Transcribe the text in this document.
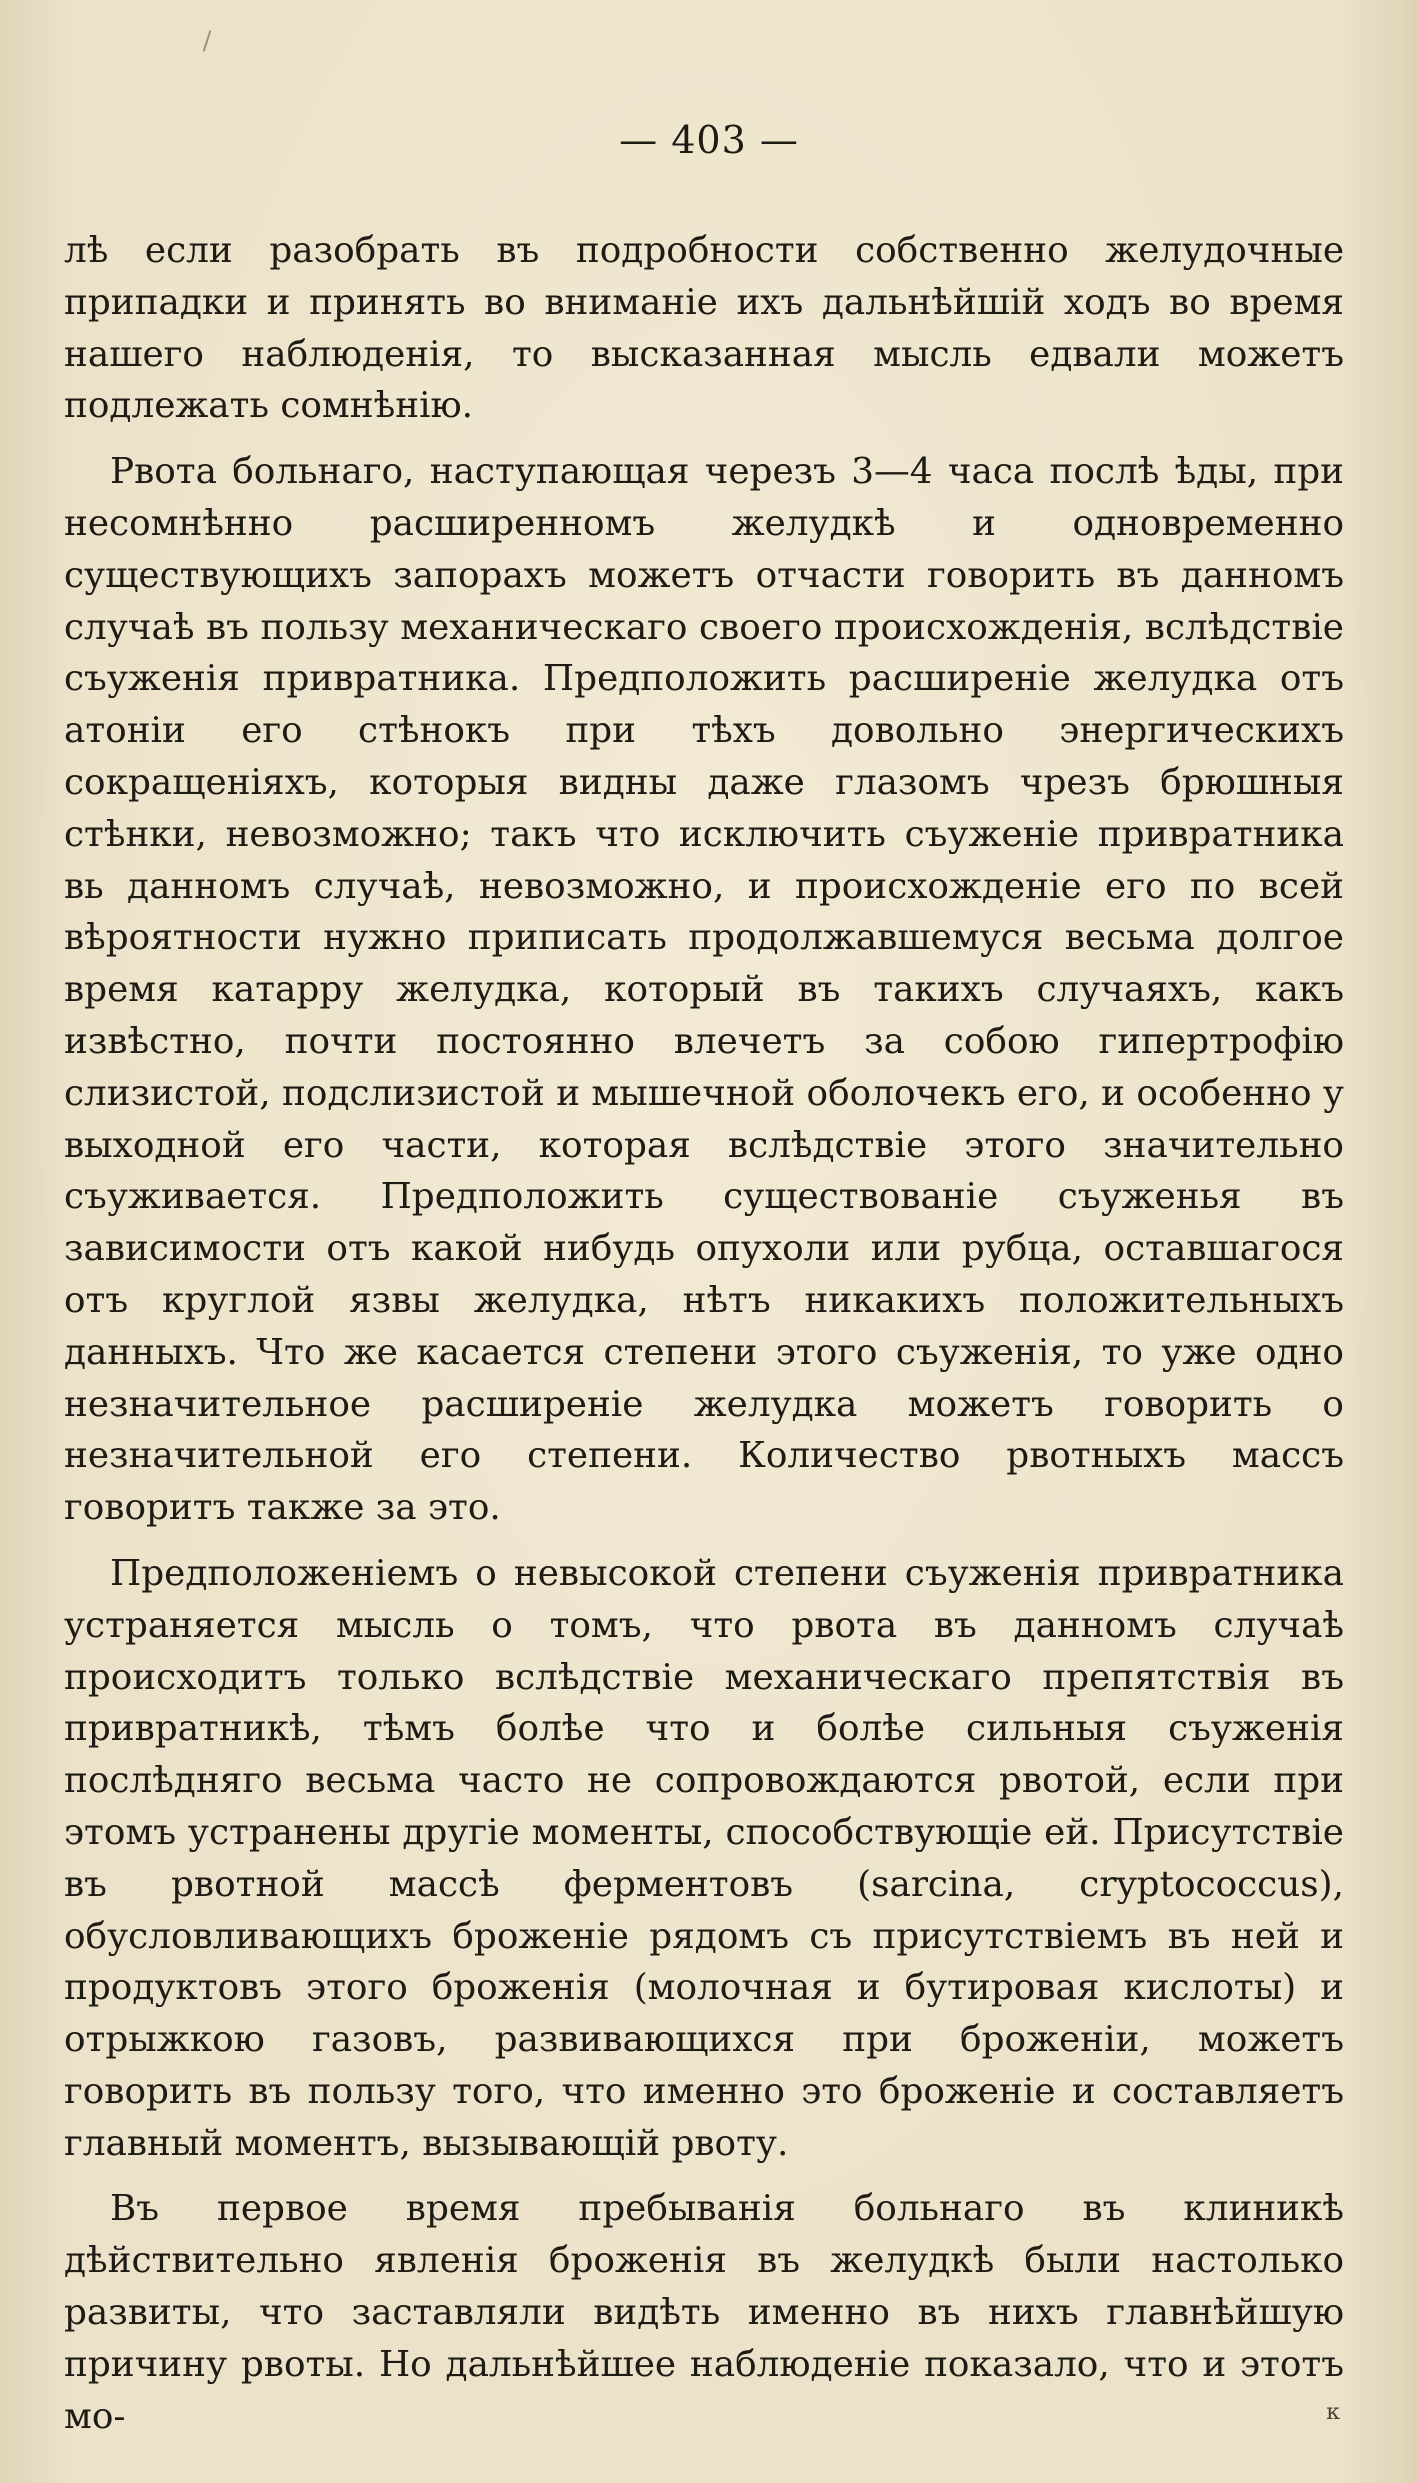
— 403 —

лѣ если разобрать въ подробности собственно желудочные припадки и принять во вниманіе ихъ дальнѣйшій ходъ во время нашего наблюденія, то высказанная мысль едвали можетъ подлежать сомнѣнію.

Рвота больнаго, наступающая черезъ 3—4 часа послѣ ѣды, при несомнѣнно расширенномъ желудкѣ и одновременно существующихъ запорахъ можетъ отчасти говорить въ данномъ случаѣ въ пользу механическаго своего происхожденія, вслѣдствіе съуженія привратника. Предположить расширеніе желудка отъ атоніи его стѣнокъ при тѣхъ довольно энергическихъ сокращеніяхъ, которыя видны даже глазомъ чрезъ брюшныя стѣнки, невозможно; такъ что исключить съуженіе привратника вь данномъ случаѣ, невозможно, и происхожденіе его по всей вѣроятности нужно приписать продолжавшемуся весьма долгое время катарру желудка, который въ такихъ случаяхъ, какъ извѣстно, почти постоянно влечетъ за собою гипертрофію слизистой, подслизистой и мышечной оболочекъ его, и особенно у выходной его части, которая вслѣдствіе этого значительно съуживается. Предположить существованіе съуженья въ зависимости отъ какой нибудь опухоли или рубца, оставшагося отъ круглой язвы желудка, нѣтъ никакихъ положительныхъ данныхъ. Что же касается степени этого съуженія, то уже одно незначительное расширеніе желудка можетъ говорить о незначительной его степени. Количество рвотныхъ массъ говоритъ также за это.

Предположеніемъ о невысокой степени съуженія привратника устраняется мысль о томъ, что рвота въ данномъ случаѣ происходитъ только вслѣдствіе механическаго препятствія въ привратникѣ, тѣмъ болѣе что и болѣе сильныя съуженія послѣдняго весьма часто не сопровождаются рвотой, если при этомъ устранены другіе моменты, способствующіе ей. Присутствіе въ рвотной массѣ ферментовъ (sarcina, cryptococcus), обусловливающихъ броженіе рядомъ съ присутствіемъ въ ней и продуктовъ этого броженія (молочная и бутировая кислоты) и отрыжкою газовъ, развивающихся при броженіи, можетъ говорить въ пользу того, что именно это броженіе и составляетъ главный моментъ, вызывающій рвоту.

Въ первое время пребыванія больнаго въ клиникѣ дѣйствительно явленія броженія въ желудкѣ были настолько развиты, что заставляли видѣть именно въ нихъ главнѣйшую причину рвоты. Но дальнѣйшее наблюденіе показало, что и этотъ мо-	к
